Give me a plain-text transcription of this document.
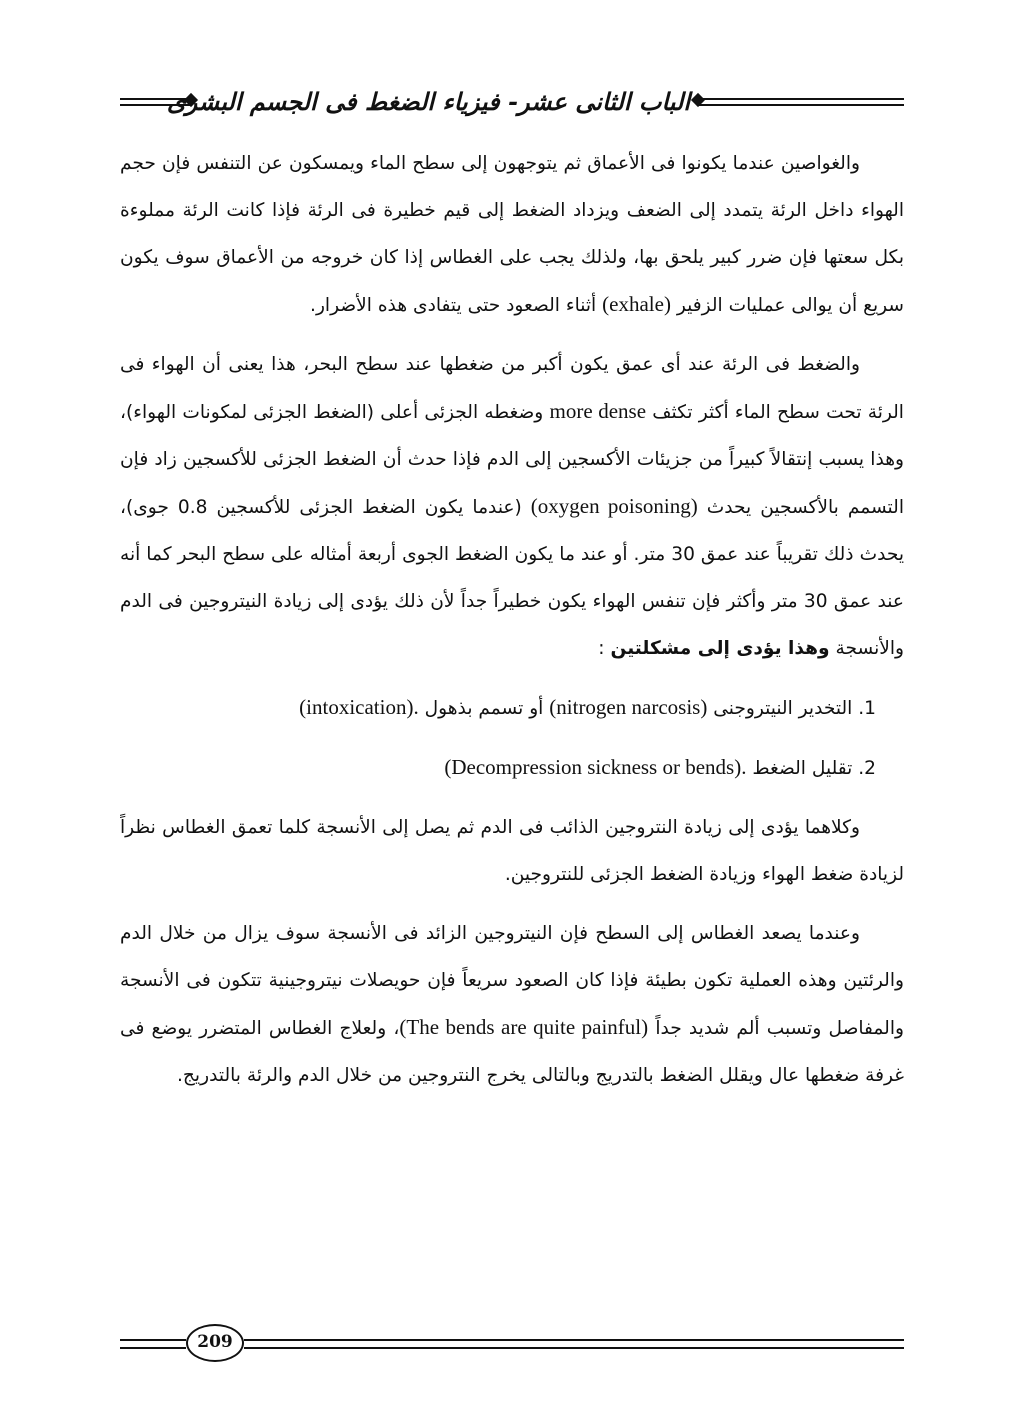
الباب الثانى عشر- فيزياء الضغط فى الجسم البشرى

والغواصين عندما يكونوا فى الأعماق ثم يتوجهون إلى سطح الماء ويمسكون عن التنفس فإن حجم الهواء داخل الرئة يتمدد إلى الضعف ويزداد الضغط إلى قيم خطيرة فى الرئة فإذا كانت الرئة مملوءة بكل سعتها فإن ضرر كبير يلحق بها، ولذلك يجب على الغطاس إذا كان خروجه من الأعماق سوف يكون سريع أن يوالى عمليات الزفير (exhale) أثناء الصعود حتى يتفادى هذه الأضرار.

والضغط فى الرئة عند أى عمق يكون أكبر من ضغطها عند سطح البحر، هذا يعنى أن الهواء فى الرئة تحت سطح الماء أكثر تكثف more dense وضغطه الجزئى أعلى (الضغط الجزئى لمكونات الهواء)، وهذا يسبب إنتقالاً كبيراً من جزيئات الأكسجين إلى الدم فإذا حدث أن الضغط الجزئى للأكسجين زاد فإن التسمم بالأكسجين يحدث (oxygen poisoning) (عندما يكون الضغط الجزئى للأكسجين 0.8 جوى)، يحدث ذلك تقريباً عند عمق 30 متر. أو عند ما يكون الضغط الجوى أربعة أمثاله على سطح البحر كما أنه عند عمق 30 متر وأكثر فإن تنفس الهواء يكون خطيراً جداً لأن ذلك يؤدى إلى زيادة النيتروجين فى الدم والأنسجة وهذا يؤدى إلى مشكلتين :

1. التخدير النيتروجنى (nitrogen narcosis) أو تسمم بذهول (intoxication).

2. تقليل الضغط (Decompression sickness or bends).

وكلاهما يؤدى إلى زيادة النتروجين الذائب فى الدم ثم يصل إلى الأنسجة كلما تعمق الغطاس نظراً لزيادة ضغط الهواء وزيادة الضغط الجزئى للنتروجين.

وعندما يصعد الغطاس إلى السطح فإن النيتروجين الزائد فى الأنسجة سوف يزال من خلال الدم والرئتين وهذه العملية تكون بطيئة فإذا كان الصعود سريعاً فإن حويصلات نيتروجينية تتكون فى الأنسجة والمفاصل وتسبب ألم شديد جداً (The bends are quite painful)، ولعلاج الغطاس المتضرر يوضع فى غرفة ضغطها عال ويقلل الضغط بالتدريج وبالتالى يخرج النتروجين من خلال الدم والرئة بالتدريج.

209
